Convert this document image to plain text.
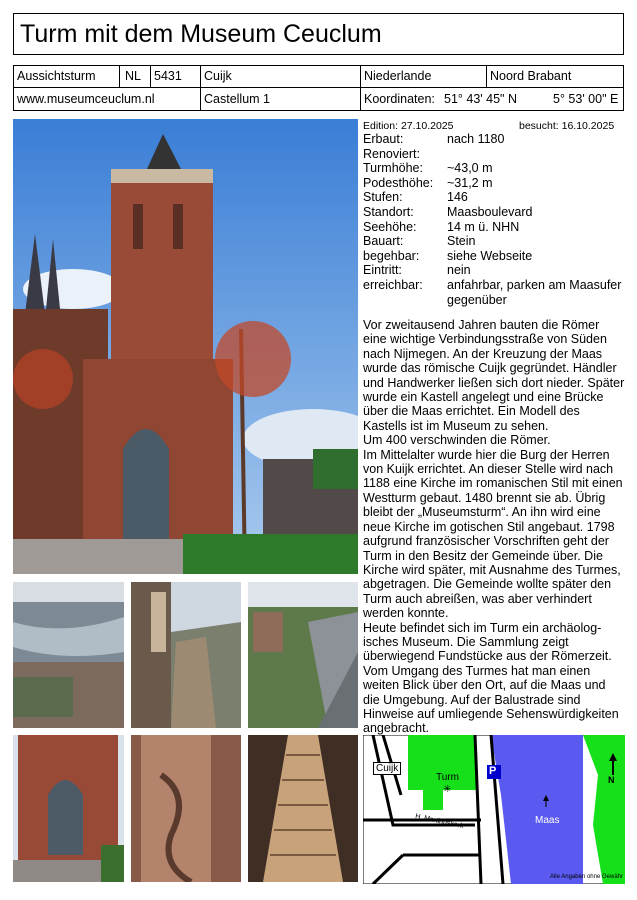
Turm mit dem Museum Ceuclum
Aussichtsturm	NL	5431	Cuijk	Niederlande	Noord Brabant
www.museumceuclum.nl	Castellum 1	Koordinaten: 51° 43' 45" N	5° 53' 00" E
Edition: 27.10.2025	besucht: 16.10.2025
Erbaut:	nach 1180
Renoviert:
Turmhöhe: ~43,0 m
Podesthöhe: ~31,2 m
Stufen:	146
Standort:	Maasboulevard
Seehöhe: 14 m ü. NHN
Bauart:	Stein
begehbar: siehe Webseite
Eintritt:	nein
erreichbar: anfahrbar, parken am Maasufer
gegenüber

Vor zweitausend Jahren bauten die Römer eine wichtige Verbindungsstraße von Süden nach Nijmegen. An der Kreuzung der Maas wurde das römische Cuijk gegründet. Händler und Handwerker ließen sich dort nieder. Später wurde ein Kastell angelegt und eine Brücke über die Maas errichtet. Ein Modell des Kastells ist im Museum zu sehen.

Um 400 verschwinden die Römer.

Im Mittelalter wurde hier die Burg der Herren von Kuijk errichtet. An dieser Stelle wird nach 1188 eine Kirche im romanischen Stil mit einen Westturm gebaut. 1480 brennt sie ab. Übrig bleibt der „Museumsturm“. An ihn wird eine neue Kirche im gotischen Stil angebaut. 1798 aufgrund französischer Vorschriften geht der Turm in den Besitz der Gemeinde über. Die Kirche wird später, mit Ausnahme des Turmes, abgetragen. Die Gemeinde wollte später den Turm auch abreißen, was aber verhindert werden konnte.

Heute befindet sich im Turm ein archäolog-isches Museum. Die Sammlung zeigt überwiegend Fundstücke aus der Römerzeit. Vom Umgang des Turmes hat man einen weiten Blick über den Ort, auf die Maas und die Umgebung. Auf der Balustrade sind Hinweise auf umliegende Sehenswürdigkeiten angebracht.

Cuijk
Turm
✳
P
H. Martinuskerk	Maas
N
Alle Angaben ohne Gewähr
